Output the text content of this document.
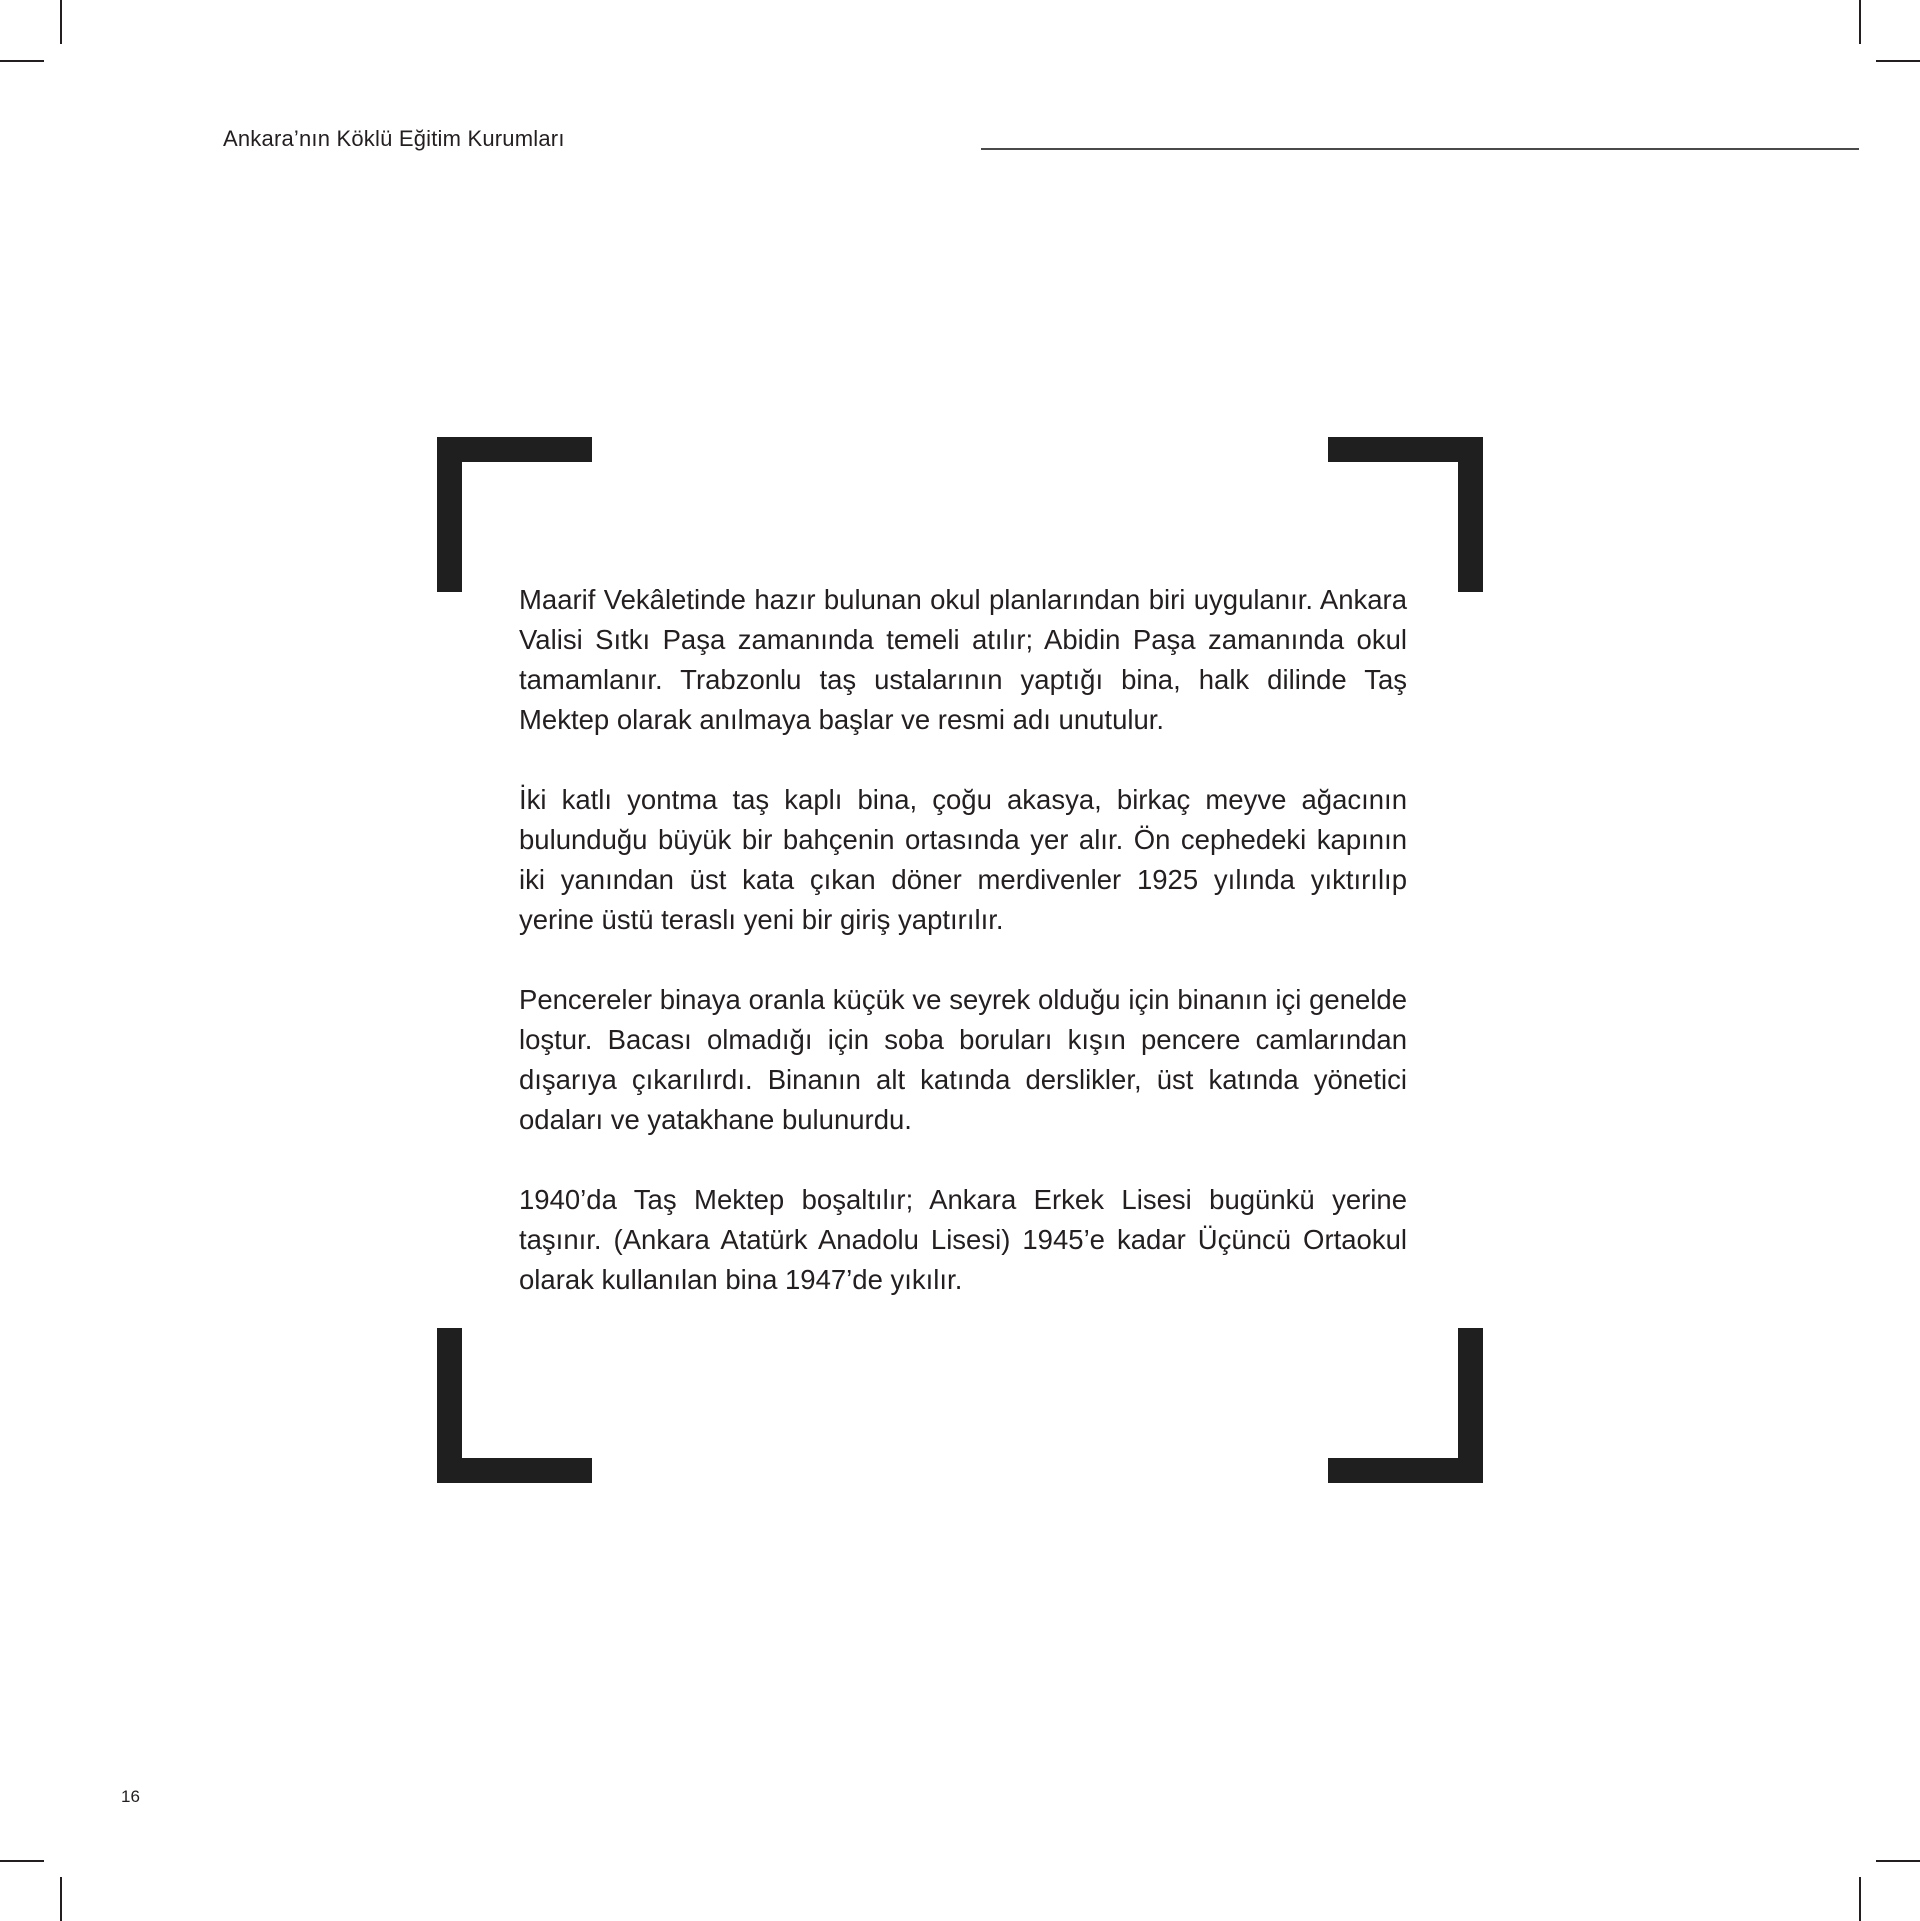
Ankara’nın Köklü Eğitim Kurumları

Maarif Vekâletinde hazır bulunan okul planlarından biri uygulanır. Ankara Valisi Sıtkı Paşa zamanında temeli atılır; Abidin Paşa zamanında okul tamamlanır. Trabzonlu taş ustalarının yaptığı bina, halk dilinde Taş Mektep olarak anılmaya başlar ve resmi adı unutulur.

İki katlı yontma taş kaplı bina, çoğu akasya, birkaç meyve ağacının bulunduğu büyük bir bahçenin ortasında yer alır. Ön cephedeki kapının iki yanından üst kata çıkan döner merdivenler 1925 yılında yıktırılıp yerine üstü teraslı yeni bir giriş yaptırılır.

Pencereler binaya oranla küçük ve seyrek olduğu için binanın içi genelde loştur. Bacası olmadığı için soba boruları kışın pencere camlarından dışarıya çıkarılırdı. Binanın alt katında derslikler, üst katında yönetici odaları ve yatakhane bulunurdu.

1940’da Taş Mektep boşaltılır; Ankara Erkek Lisesi bugünkü yerine taşınır. (Ankara Atatürk Anadolu Lisesi) 1945’e kadar Üçüncü Ortaokul olarak kullanılan bina 1947’de yıkılır.

16
